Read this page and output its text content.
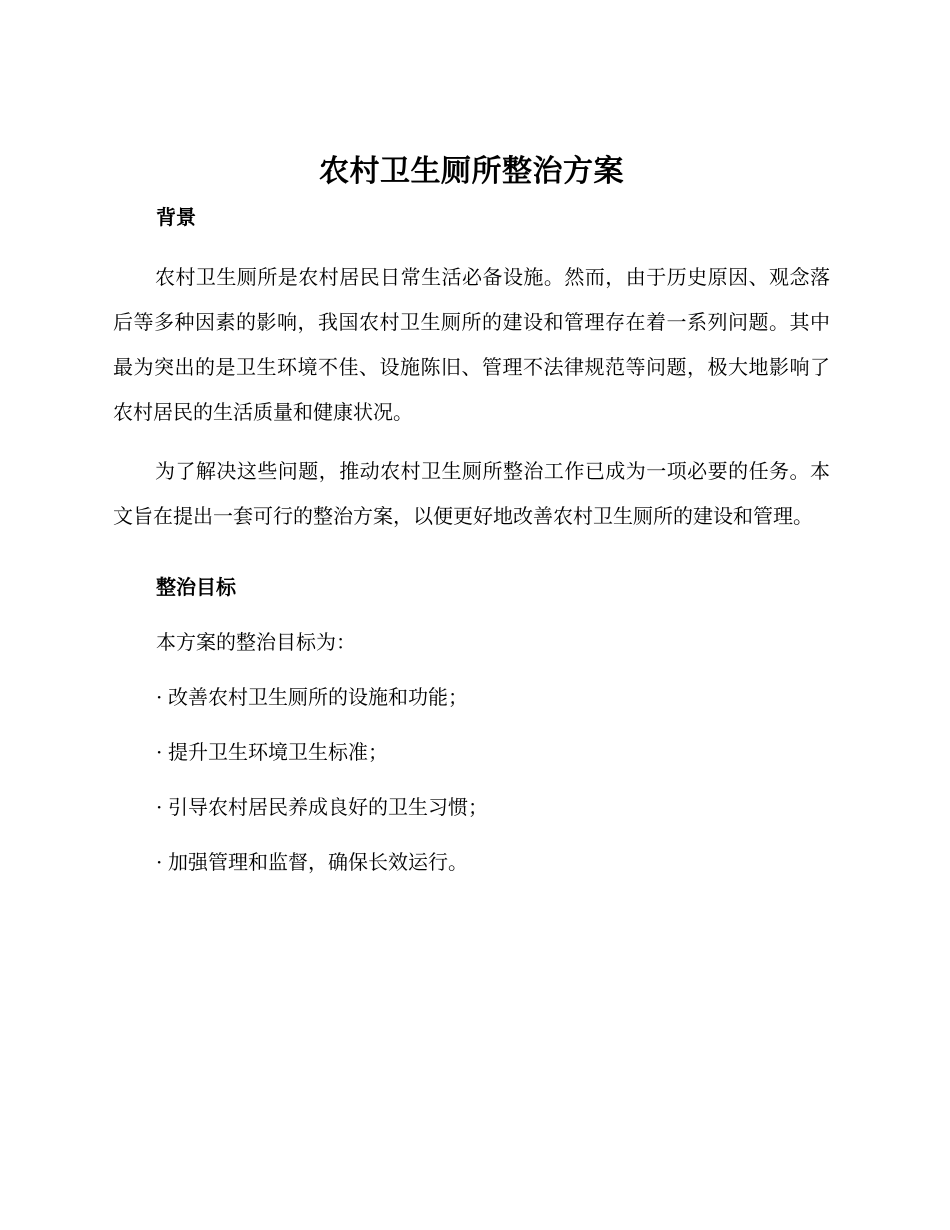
农村卫生厕所整治方案
背景

农村卫生厕所是农村居民日常生活必备设施。然而，由于历史原因、观念落后等多种因素的影响，我国农村卫生厕所的建设和管理存在着一系列问题。其中最为突出的是卫生环境不佳、设施陈旧、管理不法律规范等问题，极大地影响了农村居民的生活质量和健康状况。

为了解决这些问题，推动农村卫生厕所整治工作已成为一项必要的任务。本文旨在提出一套可行的整治方案，以便更好地改善农村卫生厕所的建设和管理。

整治目标

本方案的整治目标为：

· 改善农村卫生厕所的设施和功能；
· 提升卫生环境卫生标准；
· 引导农村居民养成良好的卫生习惯；
· 加强管理和监督，确保长效运行。
